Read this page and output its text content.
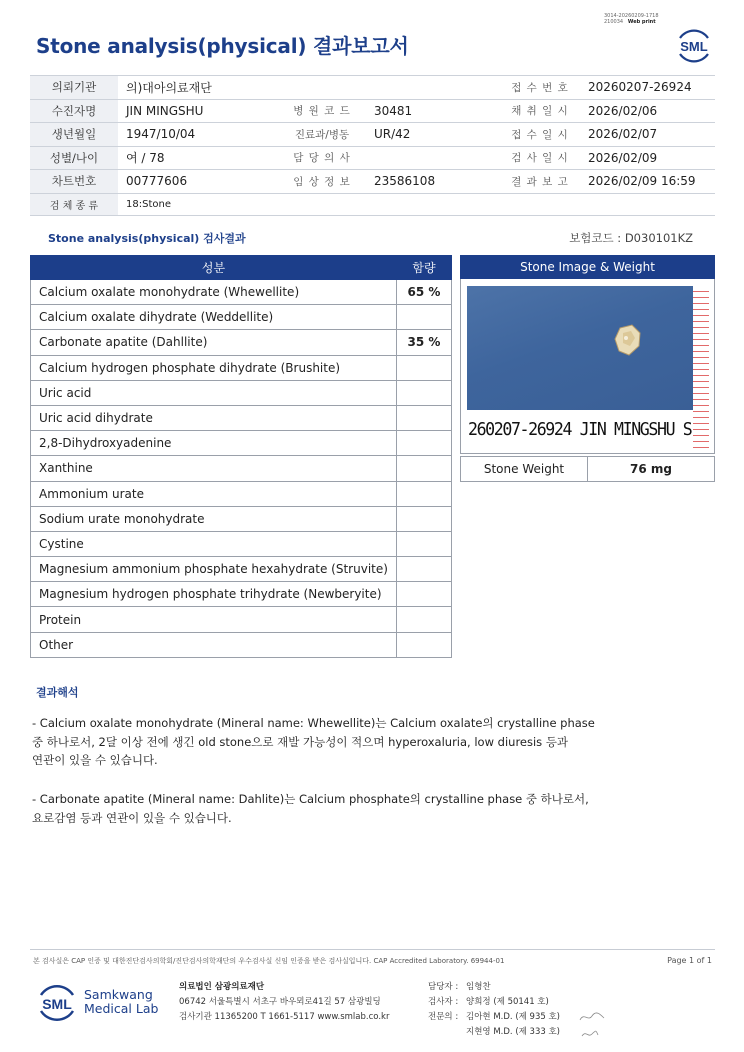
Stone analysis(physical) 결과보고서
3014-20260209-1718
210034 Web print
SML
의뢰기관	의)대아의료재단			접 수 번 호	20260207-26924
수진자명	JIN MINGSHU	병 원 코 드	30481	채 취 일 시	2026/02/06
생년월일	1947/10/04	진료과/병동	UR/42	접 수 일 시	2026/02/07
성별/나이	여 / 78	담 당 의 사		검 사 일 시	2026/02/09
차트번호	00777606	임 상 정 보	23586108	결 과 보 고	2026/02/09 16:59
검 체 종 류	18:Stone				
Stone analysis(physical) 검사결과	보험코드 : D030101KZ
성분	함량
Calcium oxalate monohydrate (Whewellite)	65 %
Calcium oxalate dihydrate (Weddellite)	
Carbonate apatite (Dahllite)	35 %
Calcium hydrogen phosphate dihydrate (Brushite)	
Uric acid	
Uric acid dihydrate	
2,8-Dihydroxyadenine	
Xanthine	
Ammonium urate	
Sodium urate monohydrate	
Cystine	
Magnesium ammonium phosphate hexahydrate (Struvite)	
Magnesium hydrogen phosphate trihydrate (Newberyite)	
Protein	
Other	
Stone Image & Weight
260207-26924 JIN MINGSHU S
Stone Weight	76 mg
결과해석
- Calcium oxalate monohydrate (Mineral name: Whewellite)는 Calcium oxalate의 crystalline phase
중 하나로서, 2달 이상 전에 생긴 old stone으로 재발 가능성이 적으며 hyperoxaluria, low diuresis 등과
연관이 있을 수 있습니다.
- Carbonate apatite (Mineral name: Dahlite)는 Calcium phosphate의 crystalline phase 중 하나로서,
요로감염 등과 연관이 있을 수 있습니다.
본 검사실은 CAP 인증 및 대한진단검사의학회/진단검사의학재단의 우수검사실 신임 인증을 받은 검사실입니다. CAP Accredited Laboratory. 69944-01	Page 1 of 1
SML
Samkwang
Medical Lab
의료법인 삼광의료재단
06742 서울특별시 서초구 바우뫼로41길 57 삼광빌딩
검사기관 11365200 T 1661-5117 www.smlab.co.kr
담당자 : 임형찬
검사자 : 양희정 (제 50141 호)
전문의 : 김아현 M.D. (제 935 호)
지현영 M.D. (제 333 호)
